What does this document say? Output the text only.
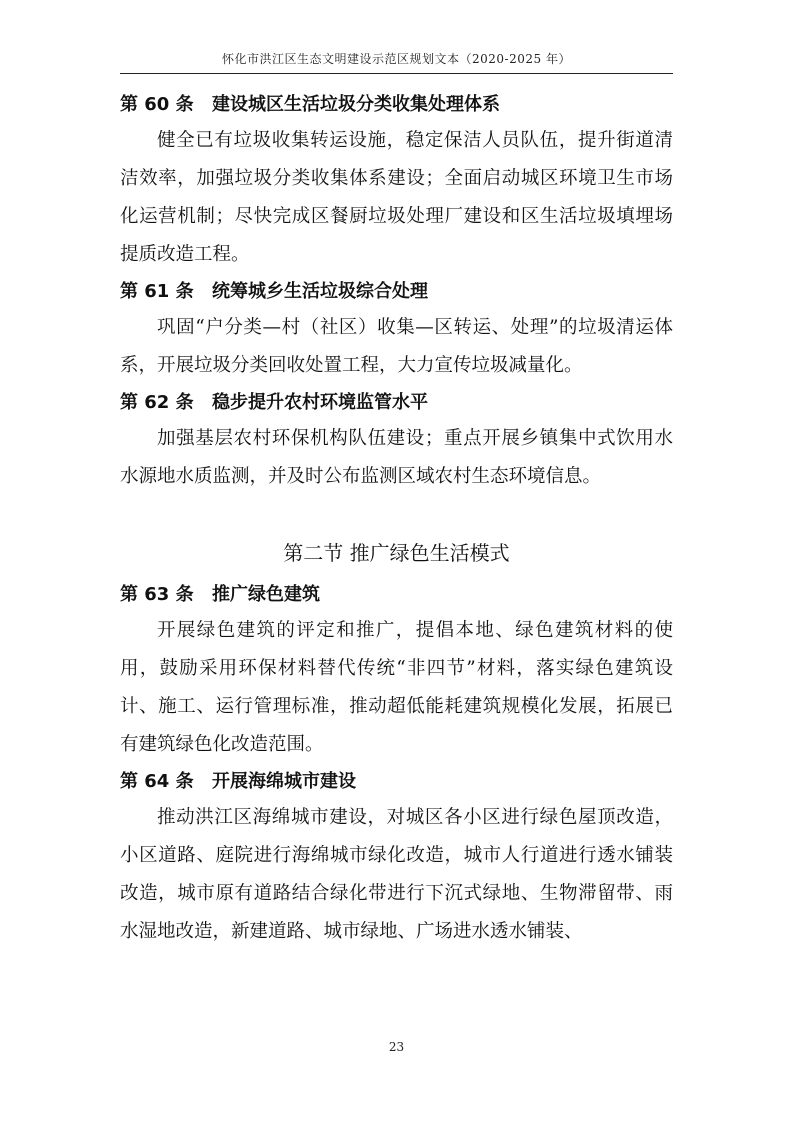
怀化市洪江区生态文明建设示范区规划文本（2020-2025 年）
第 60 条 建设城区生活垃圾分类收集处理体系

健全已有垃圾收集转运设施，稳定保洁人员队伍，提升街道清洁效率，加强垃圾分类收集体系建设；全面启动城区环境卫生市场化运营机制；尽快完成区餐厨垃圾处理厂建设和区生活垃圾填埋场提质改造工程。

第 61 条 统筹城乡生活垃圾综合处理

巩固“户分类—村（社区）收集—区转运、处理”的垃圾清运体系，开展垃圾分类回收处置工程，大力宣传垃圾减量化。

第 62 条 稳步提升农村环境监管水平

加强基层农村环保机构队伍建设；重点开展乡镇集中式饮用水水源地水质监测，并及时公布监测区域农村生态环境信息。

第二节 推广绿色生活模式
第 63 条 推广绿色建筑

开展绿色建筑的评定和推广，提倡本地、绿色建筑材料的使用，鼓励采用环保材料替代传统“非四节”材料，落实绿色建筑设计、施工、运行管理标准，推动超低能耗建筑规模化发展，拓展已有建筑绿色化改造范围。

第 64 条 开展海绵城市建设

推动洪江区海绵城市建设，对城区各小区进行绿色屋顶改造，小区道路、庭院进行海绵城市绿化改造，城市人行道进行透水铺装改造，城市原有道路结合绿化带进行下沉式绿地、生物滞留带、雨水湿地改造，新建道路、城市绿地、广场进水透水铺装、

23
